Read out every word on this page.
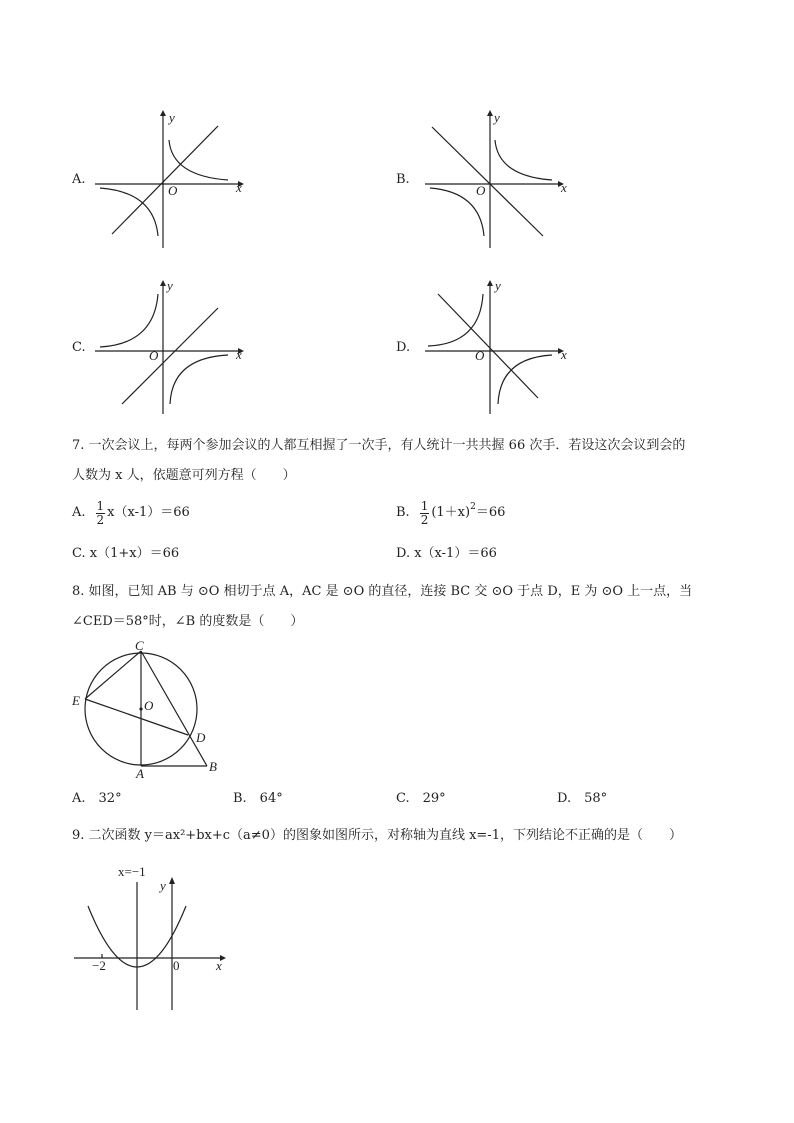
A.
y
x
O
B.
y
x
O
C.
y
x
O
D.
y
x
O
7. 一次会议上，每两个参加会议的人都互相握了一次手，有人统计一共共握 66 次手．若设这次会议到会的
人数为 x 人，依题意可列方程（　　）
A. $\frac{1}{2} x(x-1)=66$	B. $\frac{1}{2} (1+x)^2 =66$
C. x（1+x）＝66	D. x（x-1）＝66
8. 如图，已知 AB 与 ⊙O 相切于点 A，AC 是 ⊙O 的直径，连接 BC 交 ⊙O 于点 D，E 为 ⊙O 上一点，当
∠CED＝58°时，∠B 的度数是（　　）
C
E	O
D
A	B
A.　32°	B.　64°	C.　29°	D.　58°
9. 二次函数 y＝ax²+bx+c（a≠0）的图象如图所示，对称轴为直线 x=-1，下列结论不正确的是（　　）
x=−1
y
x
−2	0
